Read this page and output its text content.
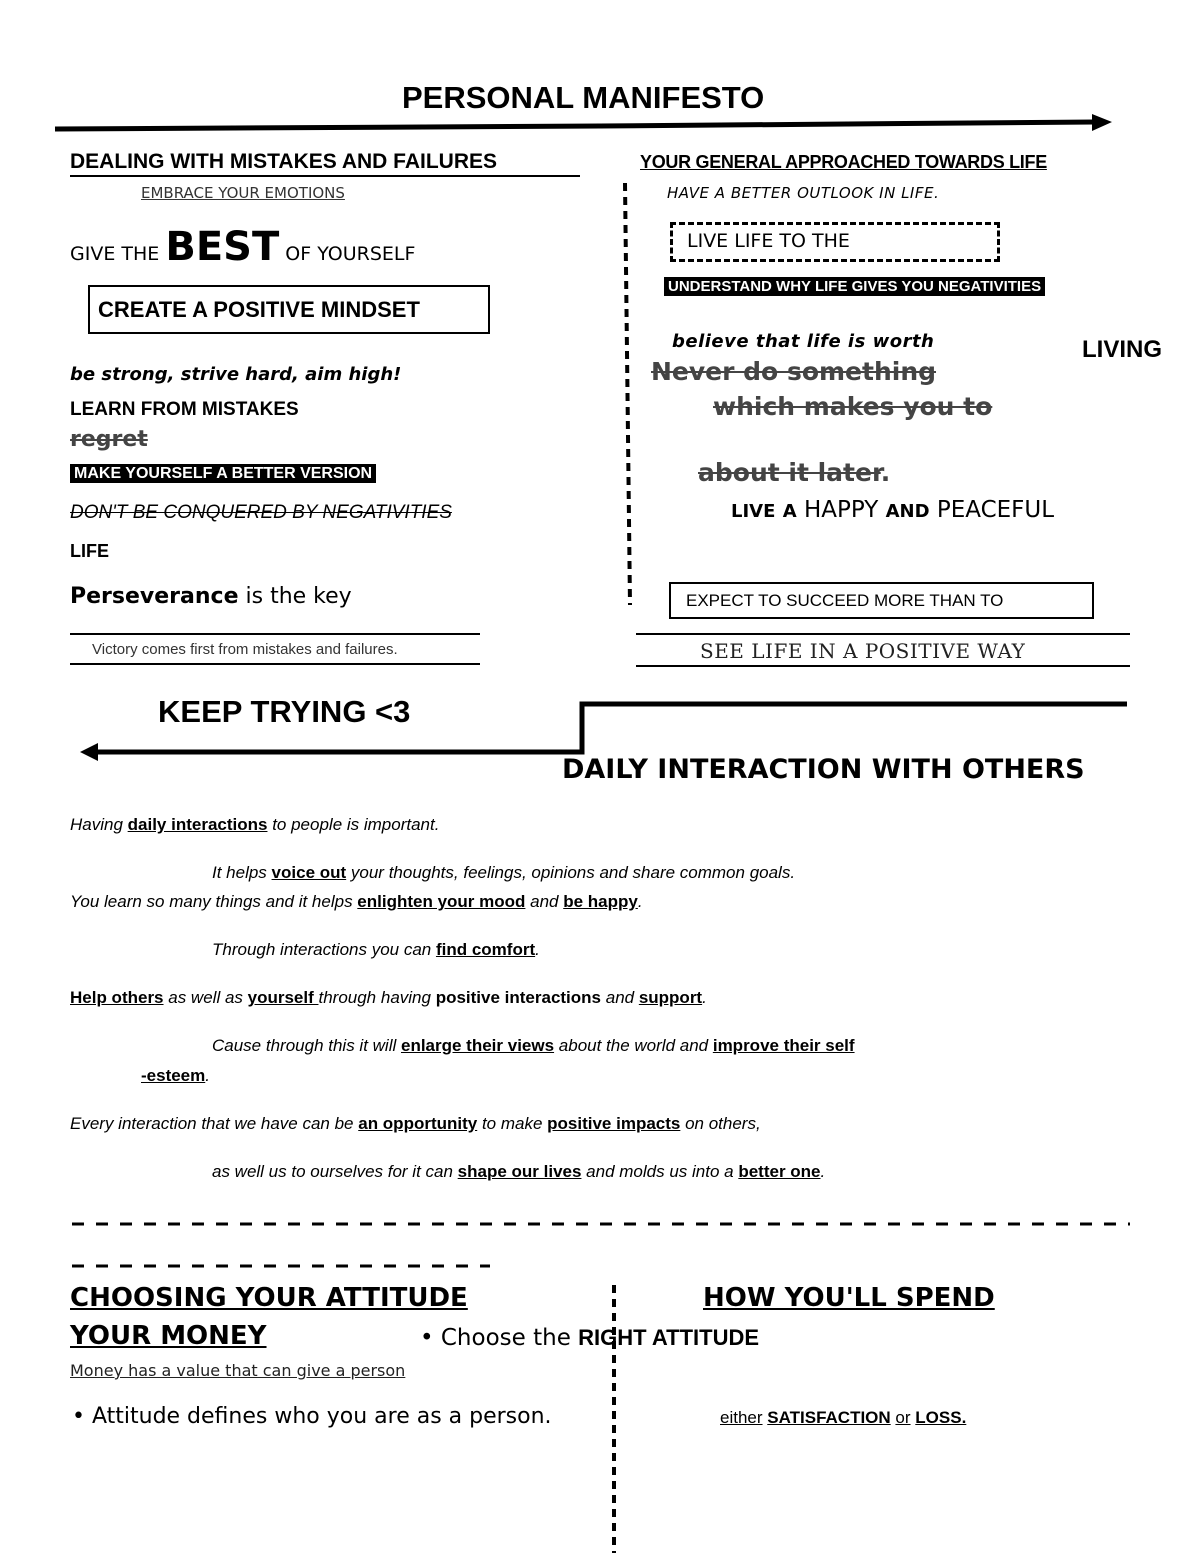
PERSONAL MANIFESTO
DEALING WITH MISTAKES AND FAILURES
EMBRACE YOUR EMOTIONS
GIVE THE BEST OF YOURSELF
CREATE A POSITIVE MINDSET
be strong, strive hard, aim high!
LEARN FROM MISTAKES
regret
MAKE YOURSELF A BETTER VERSION
DON'T BE CONQUERED BY NEGATIVITIES
LIFE
Perseverance is the key
Victory comes first from mistakes and failures.
YOUR GENERAL APPROACHED TOWARDS LIFE
HAVE A BETTER OUTLOOK IN LIFE.
LIVE LIFE TO THE
UNDERSTAND WHY LIFE GIVES YOU NEGATIVITIES
believe that life is worth	LIVING
Never do something
which makes you to
about it later.
LIVE A HAPPY AND PEACEFUL
EXPECT TO SUCCEED MORE THAN TO
SEE LIFE IN A POSITIVE WAY
KEEP TRYING <3
DAILY INTERACTION WITH OTHERS
Having daily interactions to people is important.
It helps voice out your thoughts, feelings, opinions and share common goals.
You learn so many things and it helps enlighten your mood and be happy.
Through interactions you can find comfort.
Help others as well as yourself through having positive interactions and support.
Cause through this it will enlarge their views about the world and improve their self
-esteem.
Every interaction that we have can be an opportunity to make positive impacts on others,
as well us to ourselves for it can shape our lives and molds us into a better one.
CHOOSING YOUR ATTITUDE	HOW YOU'LL SPEND
YOUR MONEY	• Choose the RIGHT ATTITUDE
Money has a value that can give a person
• Attitude defines who you are as a person.	either SATISFACTION or LOSS.
